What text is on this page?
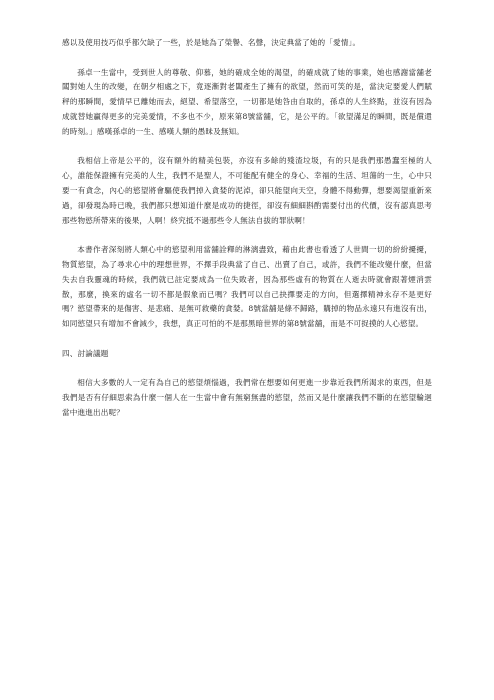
感以及使用技巧似乎都欠缺了一些，於是她為了榮譽、名聲，決定典當了她的「愛情」。

孫卓一生當中，受到世人的尊敬、仰慕，她的確成全她的渴望，的確成就了她的事業，她也感謝當舖老闆對她人生的改變，在朝夕相處之下，竟逐漸對老闆產生了擁有的欲望，然而可笑的是，當決定要愛人們賦秤的那瞬間，愛情早已離她而去，絕望、希望落空，一切都是她咎由自取的，孫卓的人生終點，並沒有因為成就替她贏得更多的完美愛情，不多也不少，原來第8號當舖，它，是公平的。「欲望滿足的瞬間，既是償還的時刻。」感嘆孫卓的一生、感嘆人類的愚昧及無知。

我相信上帝是公平的，沒有額外的精美包裝，亦沒有多餘的殘渣垃圾，有的只是我們那愚蠢至極的人心，誰能保證擁有完美的人生，我們不是聖人，不可能配有健全的身心、幸福的生活、坦蕩的一生，心中只要一有貪念，內心的慾望將會驅使我們掉入貪婪的泥淖，卻只能望向天空，身體不得動彈，想要渴望重新來過，卻發現為時已晚，我們都只想知道什麼是成功的捷徑，卻沒有細細斟酌需要付出的代價，沒有認真思考那些物慾所帶來的後果，人啊！終究抵不過那些令人無法自拔的罪狀啊！

本書作者深刻將人類心中的慾望利用當舖詮釋的淋漓盡致，藉由此書也看透了人世間一切的紛紛擾擾，物質慾望，為了尋求心中的理想世界，不擇手段典當了自己、出賣了自己，或許，我們不能改變什麼，但當失去自我靈魂的時候，我們就已註定要成為一位失敗者，因為那些虛有的物質在人逝去時就會跟著煙消雲散，那麼，換來的虛名一切不都是假象而已嗎？我們可以自己抉擇要走的方向，但選擇精神永存不是更好嗎？慾望帶來的是傷害、是悲痛、是無可救藥的貪婪。8號當舖是條不歸路，購掉的物品永遠只有進沒有出，如同慾望只有增加不會減少，我想，真正可怕的不是那黑暗世界的第8號當舖，而是不可捉摸的人心慾望。

四、討論議題

相信大多數的人一定有為自己的慾望煩惱過，我們常在想要如何更進一步靠近我們所渴求的東西，但是我們是否有仔細思索為什麼一個人在一生當中會有無窮無盡的慾望，然而又是什麼讓我們不斷的在慾望輪迴當中進進出出呢？
